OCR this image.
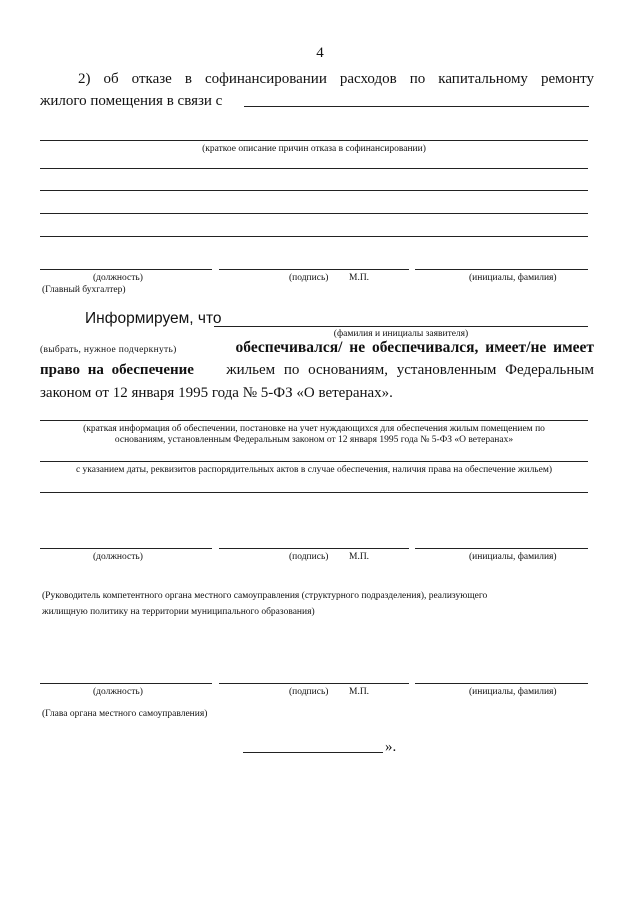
4
2) об отказе в софинансировании расходов по капитальному ремонту
жилого помещения в связи с
(краткое описание причин отказа в софинансировании)
(должность)	(подпись) М.П.	(инициалы, фамилия)
(Главный бухгалтер)
Информируем, что
(фамилия и инициалы заявителя)
(выбрать, нужное подчеркнуть)	обеспечивался/ не обеспечивался, имеет/не имеет
право на обеспечение жильем по основаниям, установленным Федеральным
законом от 12 января 1995 года № 5-ФЗ «О ветеранах».
(краткая информация об обеспечении, постановке на учет нуждающихся для обеспечения жилым помещением по
основаниям, установленным Федеральным законом от 12 января 1995 года № 5-ФЗ «О ветеранах»
с указанием даты, реквизитов распорядительных актов в случае обеспечения, наличия права на обеспечение жильем)
(должность)	(подпись) М.П.	(инициалы, фамилия)
(Руководитель компетентного органа местного самоуправления (структурного подразделения), реализующего
жилищную политику на территории муниципального образования)
(должность)	(подпись) М.П.	(инициалы, фамилия)
(Глава органа местного самоуправления)
».
